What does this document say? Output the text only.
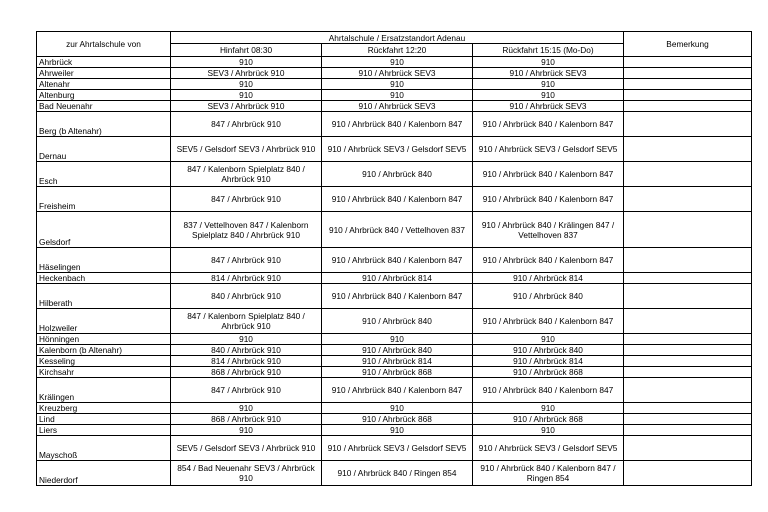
zur Ahrtalschule von	Ahrtalschule / Ersatzstandort Adenau			Bemerkung
	Hinfahrt 08:30	Rückfahrt 12:20	Rückfahrt 15:15 (Mo-Do)	
Ahrbrück	910	910	910	
Ahrweiler	SEV3 / Ahrbrück 910	910 / Ahrbrück SEV3	910 / Ahrbrück SEV3	
Altenahr	910	910	910	
Altenburg	910	910	910	
Bad Neuenahr	SEV3 / Ahrbrück 910	910 / Ahrbrück SEV3	910 / Ahrbrück SEV3	
Berg (b Altenahr)	847 / Ahrbrück 910	910 / Ahrbrück 840 / Kalenborn 847	910 / Ahrbrück 840 / Kalenborn 847	
Dernau	SEV5 / Gelsdorf SEV3 / Ahrbrück 910	910 / Ahrbrück SEV3 / Gelsdorf SEV5	910 / Ahrbrück SEV3 / Gelsdorf SEV5	
Esch	847 / Kalenborn Spielplatz 840 / Ahrbrück 910	910 / Ahrbrück 840	910 / Ahrbrück 840 / Kalenborn 847	
Freisheim	847 / Ahrbrück 910	910 / Ahrbrück 840 / Kalenborn 847	910 / Ahrbrück 840 / Kalenborn 847	
Gelsdorf	837 / Vettelhoven 847 / Kalenborn Spielplatz 840 / Ahrbrück 910	910 / Ahrbrück 840 / Vettelhoven 837	910 / Ahrbrück 840 / Krälingen 847 / Vettelhoven 837	
Häselingen	847 / Ahrbrück 910	910 / Ahrbrück 840 / Kalenborn 847	910 / Ahrbrück 840 / Kalenborn 847	
Heckenbach	814 / Ahrbrück 910	910 / Ahrbrück 814	910 / Ahrbrück 814	
Hilberath	840 / Ahrbrück 910	910 / Ahrbrück 840 / Kalenborn 847	910 / Ahrbrück 840	
Holzweiler	847 / Kalenborn Spielplatz 840 / Ahrbrück 910	910 / Ahrbrück 840	910 / Ahrbrück 840 / Kalenborn 847	
Hönningen	910	910	910	
Kalenborn (b Altenahr)	840 / Ahrbrück 910	910 / Ahrbrück 840	910 / Ahrbrück 840	
Kesseling	814 / Ahrbrück 910	910 / Ahrbrück 814	910 / Ahrbrück 814	
Kirchsahr	868 / Ahrbrück 910	910 / Ahrbrück 868	910 / Ahrbrück 868	
Krälingen	847 / Ahrbrück 910	910 / Ahrbrück 840 / Kalenborn 847	910 / Ahrbrück 840 / Kalenborn 847	
Kreuzberg	910	910	910	
Lind	868 / Ahrbrück 910	910 / Ahrbrück 868	910 / Ahrbrück 868	
Liers	910	910	910	
Mayschoß	SEV5 / Gelsdorf SEV3 / Ahrbrück 910	910 / Ahrbrück SEV3 / Gelsdorf SEV5	910 / Ahrbrück SEV3 / Gelsdorf SEV5	
Niederdorf	854 / Bad Neuenahr SEV3 / Ahrbrück 910	910 / Ahrbrück 840 / Ringen 854	910 / Ahrbrück 840 / Kalenborn 847 / Ringen 854	
